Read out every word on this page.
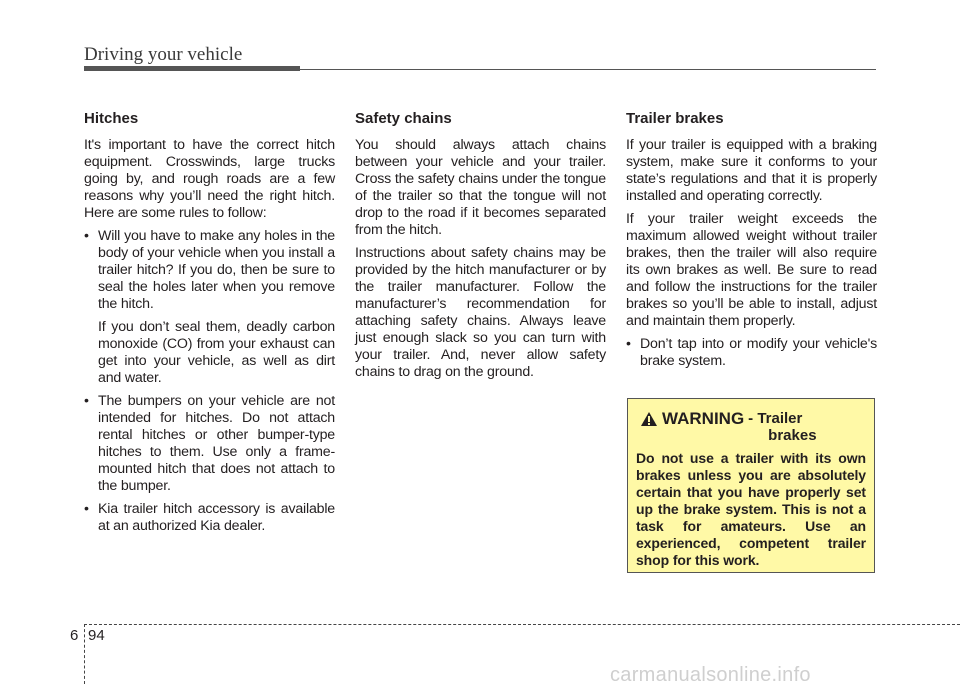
Driving your vehicle
Hitches

It's important to have the correct hitch equipment. Crosswinds, large trucks going by, and rough roads are a few reasons why you’ll need the right hitch. Here are some rules to follow:

• Will you have to make any holes in the body of your vehicle when you install a trailer hitch? If you do, then be sure to seal the holes later when you remove the hitch.

If you don’t seal them, deadly carbon monoxide (CO) from your exhaust can get into your vehicle, as well as dirt and water.

• The bumpers on your vehicle are not intended for hitches. Do not attach rental hitches or other bumper-type hitches to them. Use only a frame-mounted hitch that does not attach to the bumper.
• Kia trailer hitch accessory is available at an authorized Kia dealer.
Safety chains

You should always attach chains between your vehicle and your trailer. Cross the safety chains under the tongue of the trailer so that the tongue will not drop to the road if it becomes separated from the hitch.

Instructions about safety chains may be provided by the hitch manufacturer or by the trailer manufacturer. Follow the manufacturer’s recommendation for attaching safety chains. Always leave just enough slack so you can turn with your trailer. And, never allow safety chains to drag on the ground.

Trailer brakes

If your trailer is equipped with a braking system, make sure it conforms to your state’s regulations and that it is properly installed and operating correctly.

If your trailer weight exceeds the maximum allowed weight without trailer brakes, then the trailer will also require its own brakes as well. Be sure to read and follow the instructions for the trailer brakes so you’ll be able to install, adjust and maintain them properly.

• Don’t tap into or modify your vehicle's brake system.
WARNING - Trailer
brakes
Do not use a trailer with its own brakes unless you are absolutely certain that you have properly set up the brake system. This is not a task for amateurs. Use an experienced, competent trailer shop for this work.
6 94
carmanualsonline.info
